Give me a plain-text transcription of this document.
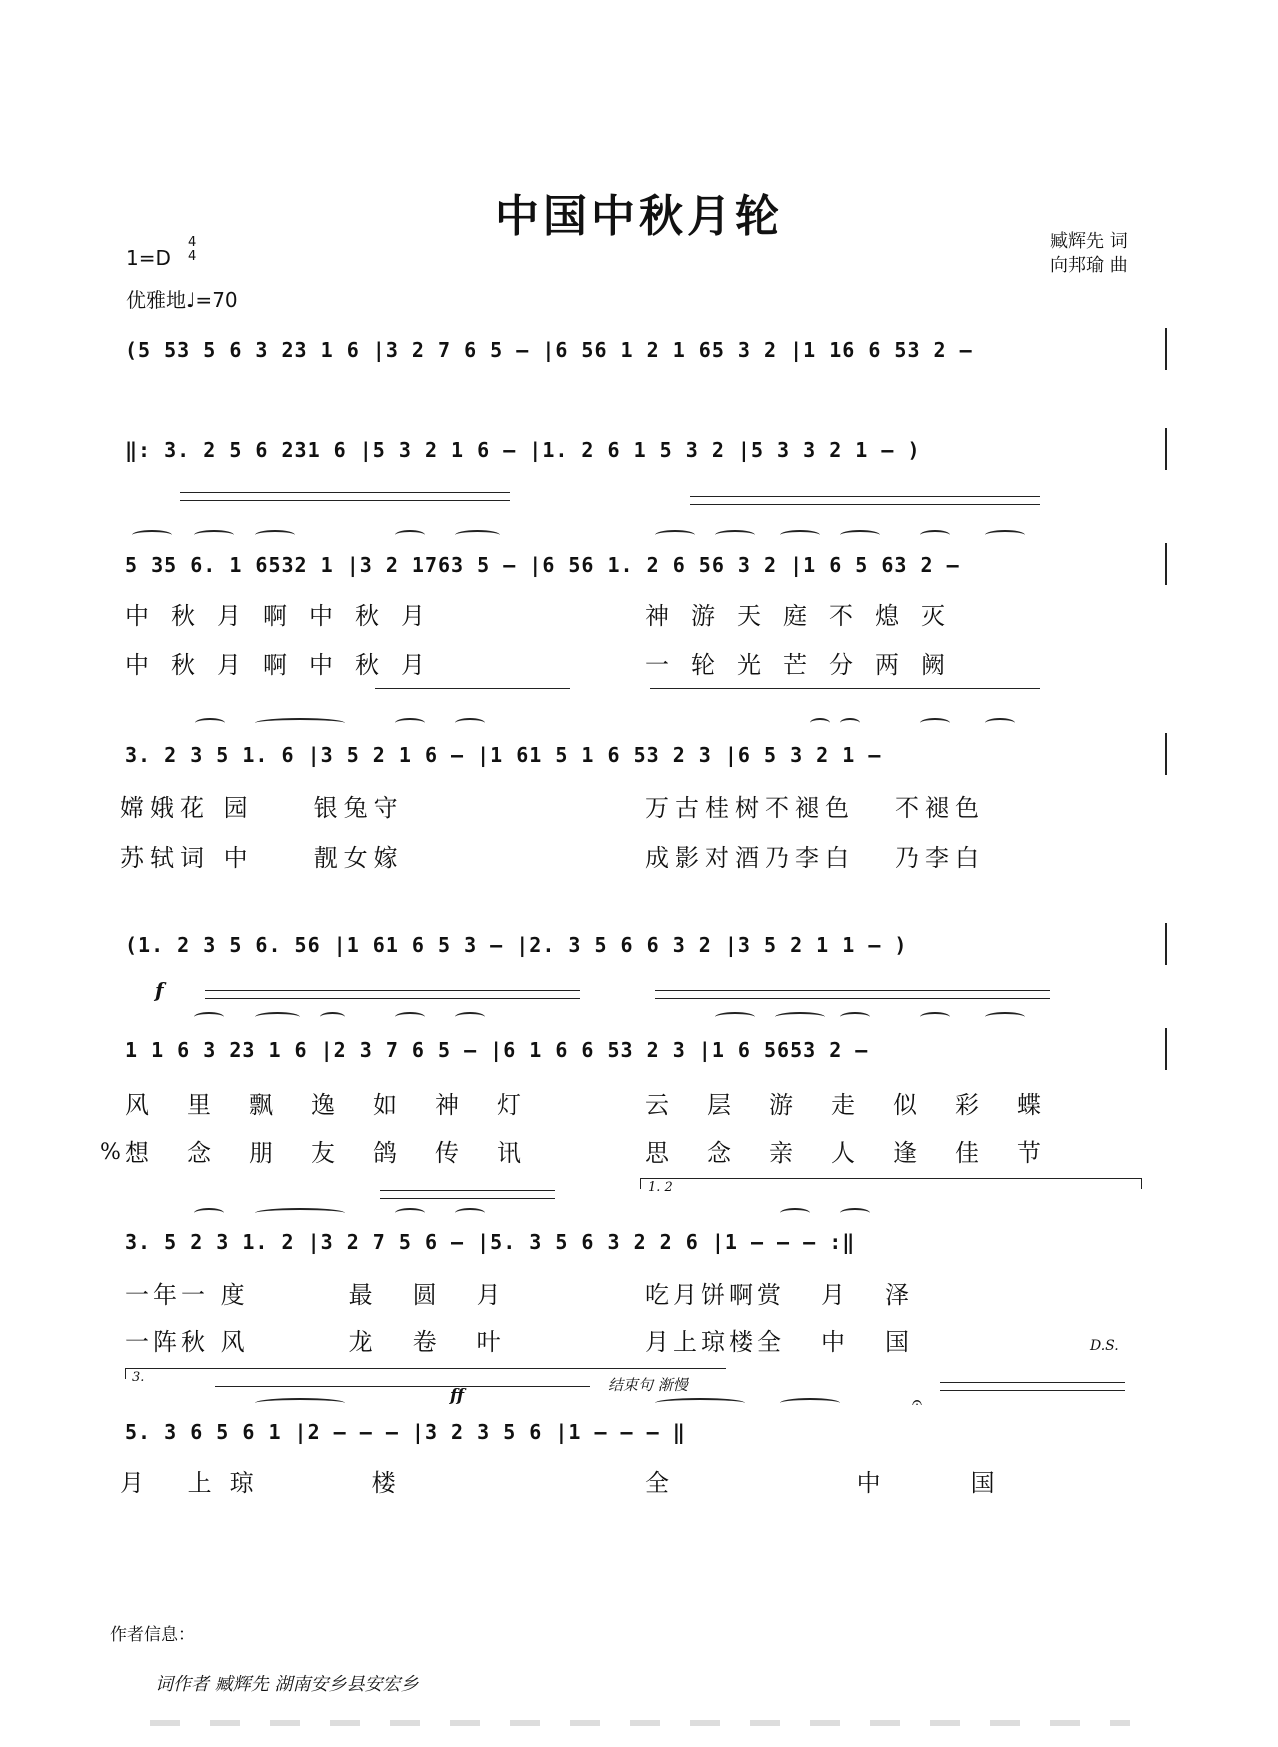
中国中秋月轮
1=D
4
4
优雅地♩=70
臧辉先 词
向邦瑜 曲
(5 53 5 6 3 23 1 6 |3 2 7 6 5 – |6 56 1 2 1 65 3 2 |1 16 6 53 2 –
‖: 3. 2 5 6 231 6 |5 3 2 1 6 – |1. 2 6 1 5 3 2 |5 3 3 2 1 – )
5 35 6. 1 6532 1 |3 2 1763 5 – |6 56 1. 2 6 56 3 2 |1 6 5 63 2 –
中秋月啊中秋月	神游天庭不熄灭
中秋月啊中秋月	一轮光芒分两阙
3. 2 3 5 1. 6 |3 5 2 1 6 – |1 61 5 1 6 53 2 3 |6 5 3 2 1 –
嫦娥花 园	银兔守	万古桂树不褪色 不褪色
苏轼词 中	靓女嫁	成影对酒乃李白 乃李白
(1. 2 3 5 6. 56 |1 61 6 5 3 – |2. 3 5 6 6 3 2 |3 5 2 1 1 – )
f
1 1 6 3 23 1 6 |2 3 7 6 5 – |6 1 6 6 53 2 3 |1 6 5653 2 –
风里飘逸如神灯	云层游走似彩蝶
% 想念朋友鸽传讯	思念亲人逢佳节
1. 2
3. 5 2 3 1. 2 |3 2 7 5 6 – |5. 3 5 6 3 2 2 6 |1 – – – :‖
一年一 度	最圆月	吃月饼啊赏 月泽
一阵秋 风	龙卷叶	月上琼楼全 中国	D.S.
3.	结束句 渐慢
ff	𝄐
5. 3 6 5 6 1 |2 – – – |3 2 3 5 6 |1 – – – ‖
月 上琼	楼	全 中国
作者信息：
词作者 臧辉先 湖南安乡县安宏乡
